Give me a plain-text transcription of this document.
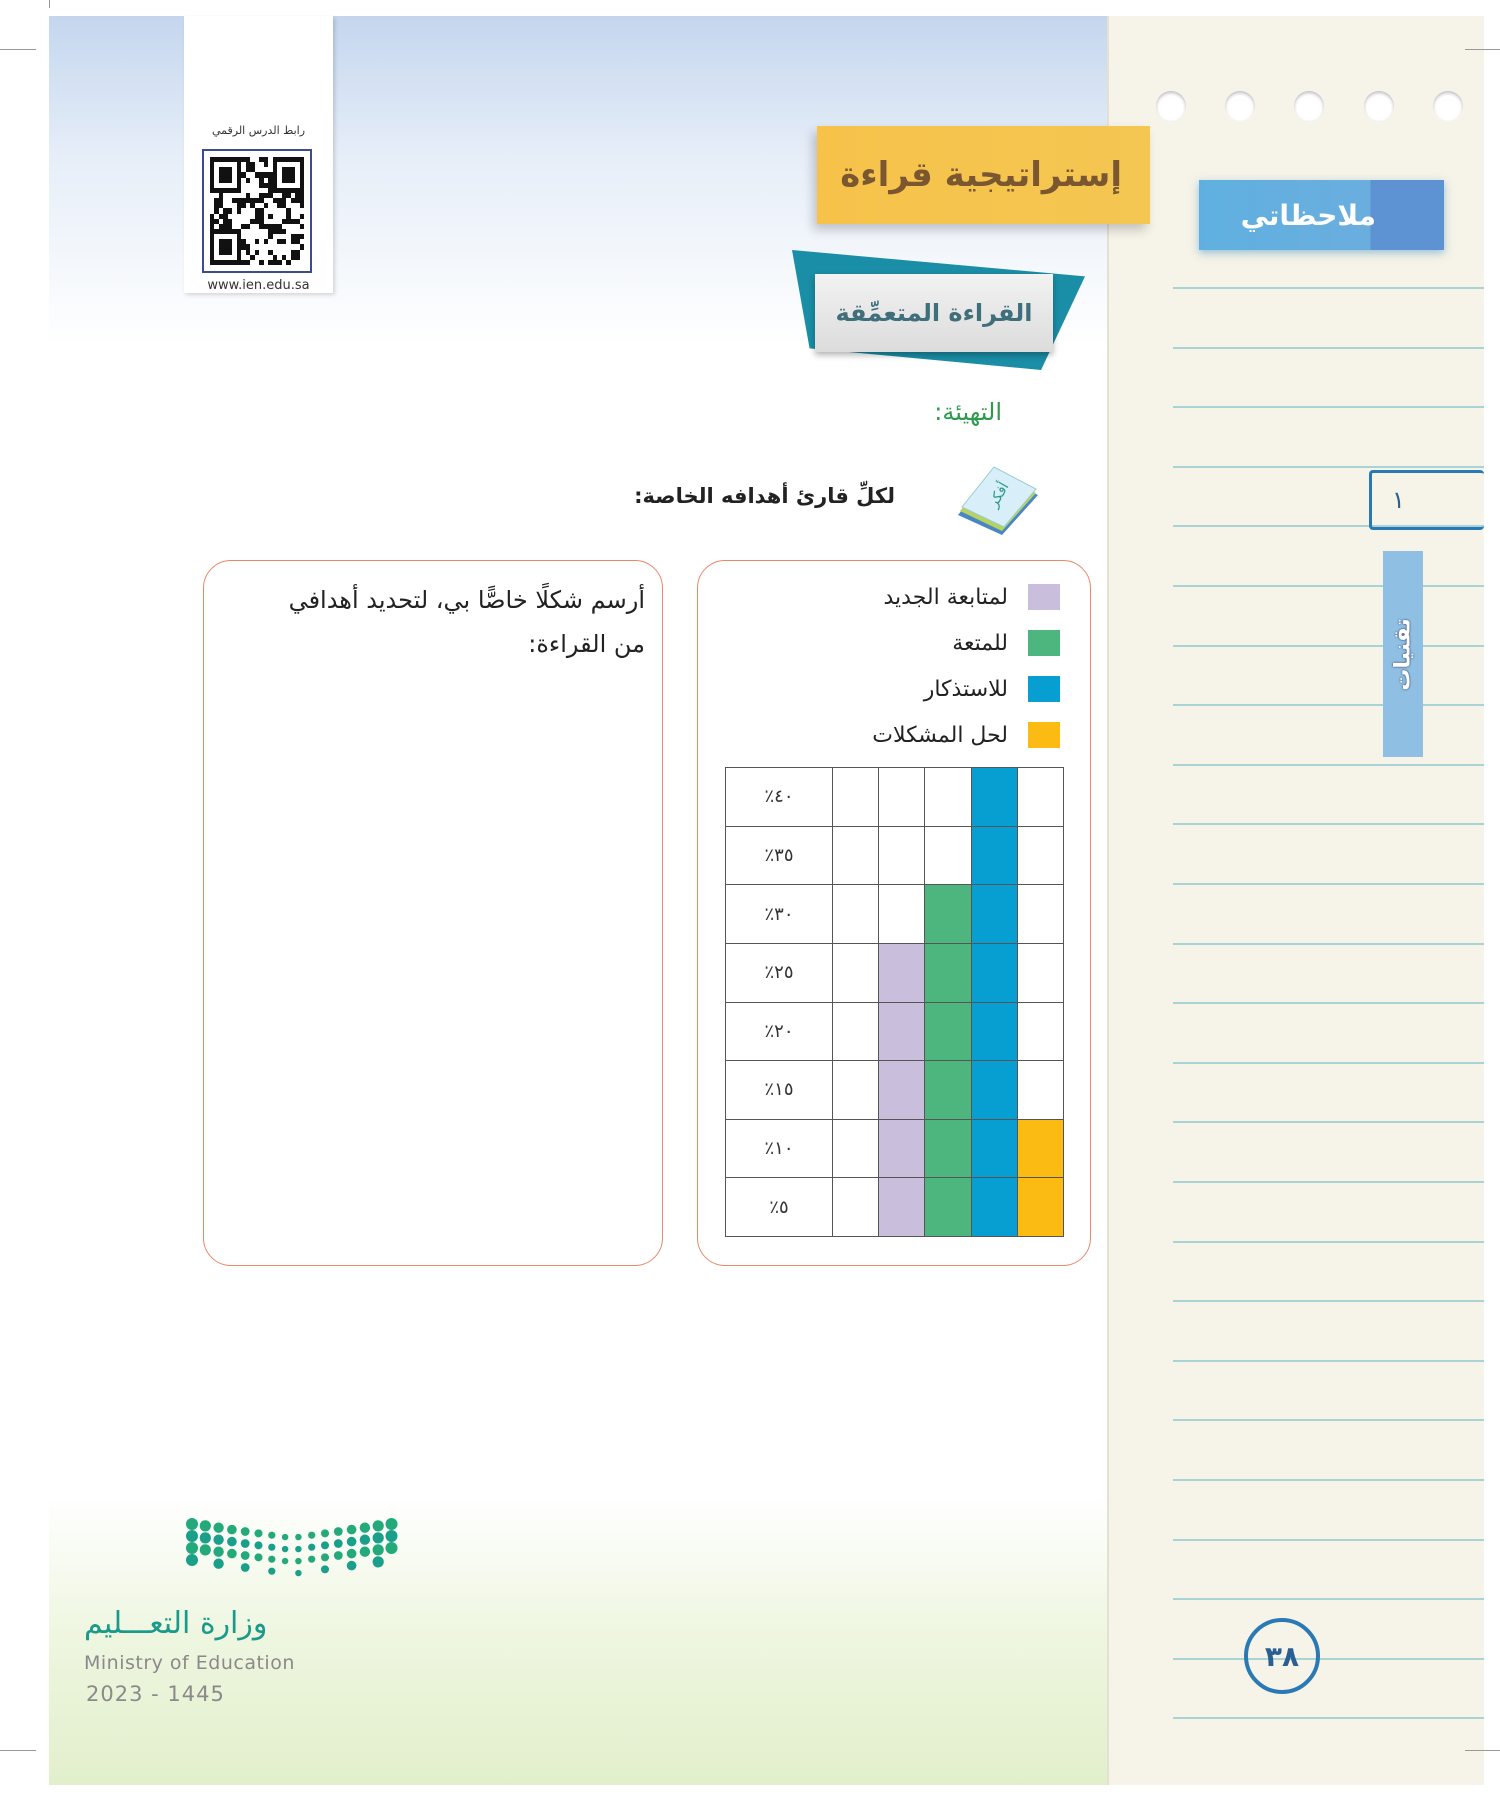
رابط الدرس الرقمي
www.ien.edu.sa
إستراتيجية قراءة
ملاحظاتي
القراءة المتعمِّقة
التهيئة:
أفكر
لكلِّ قارئ أهدافه الخاصة:
أرسم شكلًا خاصًّا بي، لتحديد أهدافي
من القراءة:
لمتابعة الجديد
للمتعة
للاستذكار
لحل المشكلات
٪٤٠					
٪٣٥					
٪٣٠					
٪٢٥					
٪٢٠					
٪١٥					
٪١٠					
٪٥					
١
تقنيات
٣٨
وزارة التعـــليم
Ministry of Education
2023 - 1445
